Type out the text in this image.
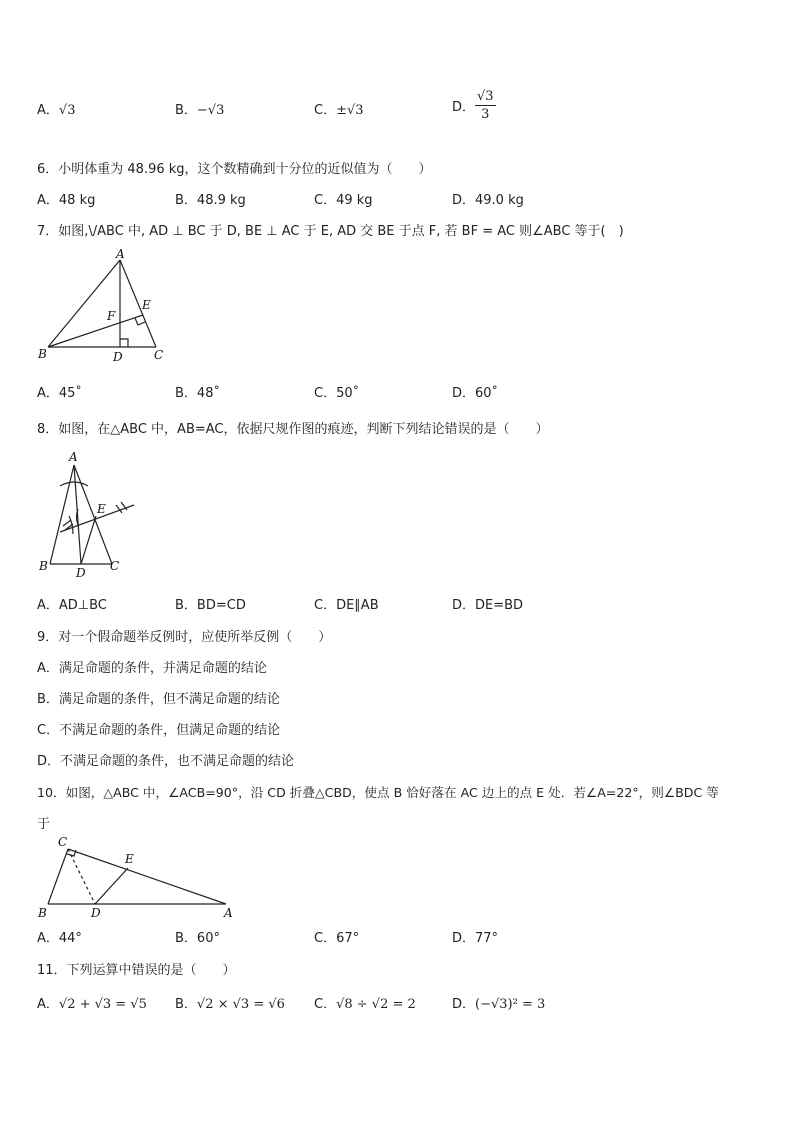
A．√3	B．−√3	C．±√3	D． $\frac{√3}{3}$
6．小明体重为 48.96 kg，这个数精确到十分位的近似值为（　　）
A．48 kg	B．48.9 kg	C．49 kg	D．49.0 kg
7．如图,\/ABC 中, AD ⊥ BC 于 D, BE ⊥ AC 于 E, AD 交 BE 于点 F, 若 BF = AC 则∠ABC 等于(　)
A
E
F
B	D	C
A．45˚	B．48˚	C．50˚	D．60˚
8．如图，在△ABC 中，AB=AC，依据尺规作图的痕迹，判断下列结论错误的是（　　）
A
E
B D C
A．AD⊥BC	B．BD=CD	C．DE∥AB	D．DE=BD
9．对一个假命题举反例时，应使所举反例（　　）
A．满足命题的条件，并满足命题的结论
B．满足命题的条件，但不满足命题的结论
C．不满足命题的条件，但满足命题的结论
D．不满足命题的条件，也不满足命题的结论
10．如图，△ABC 中，∠ACB=90°，沿 CD 折叠△CBD，使点 B 恰好落在 AC 边上的点 E 处．若∠A=22°，则∠BDC 等
于
C
E
B	D	A
A．44°	B．60°	C．67°	D．77°
11．下列运算中错误的是（　　）
A．√2 + √3 = √5 B．√2 × √3 = √6 C．√8 ÷ √2 = 2	D．(−√3)² = 3
